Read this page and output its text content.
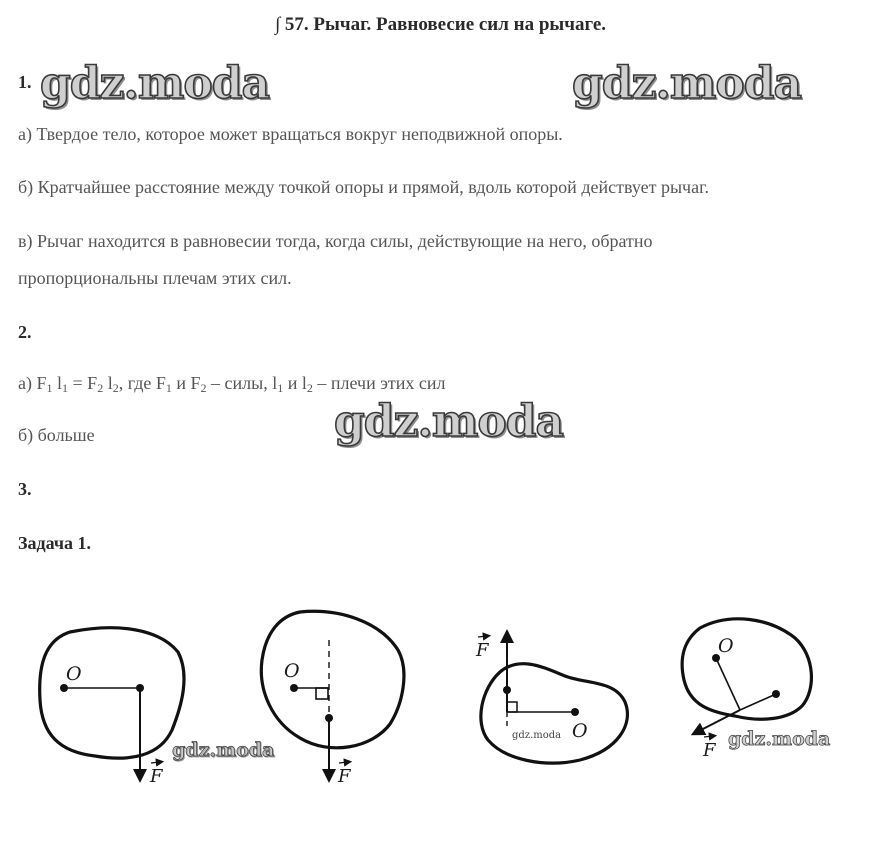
∫ 57. Рычаг. Равновесие сил на рычаге.
1. gdz.moda	gdz.moda
а) Твердое тело, которое может вращаться вокруг неподвижной опоры.
б) Кратчайшее расстояние между точкой опоры и прямой, вдоль которой действует рычаг.
в) Рычаг находится в равновесии тогда, когда силы, действующие на него, обратно
пропорциональны плечам этих сил.
2.
а) $F_1$ $l_1 = F_2$ $l_2$, где $F_1$ и $F_2$ – силы, $l_1$ и $l_2$ – плечи этих сил
gdz.moda
б) больше
3.
Задача 1.
O
F
gdz.moda
O
F
O
F
gdz.moda
O
F
gdz.moda
